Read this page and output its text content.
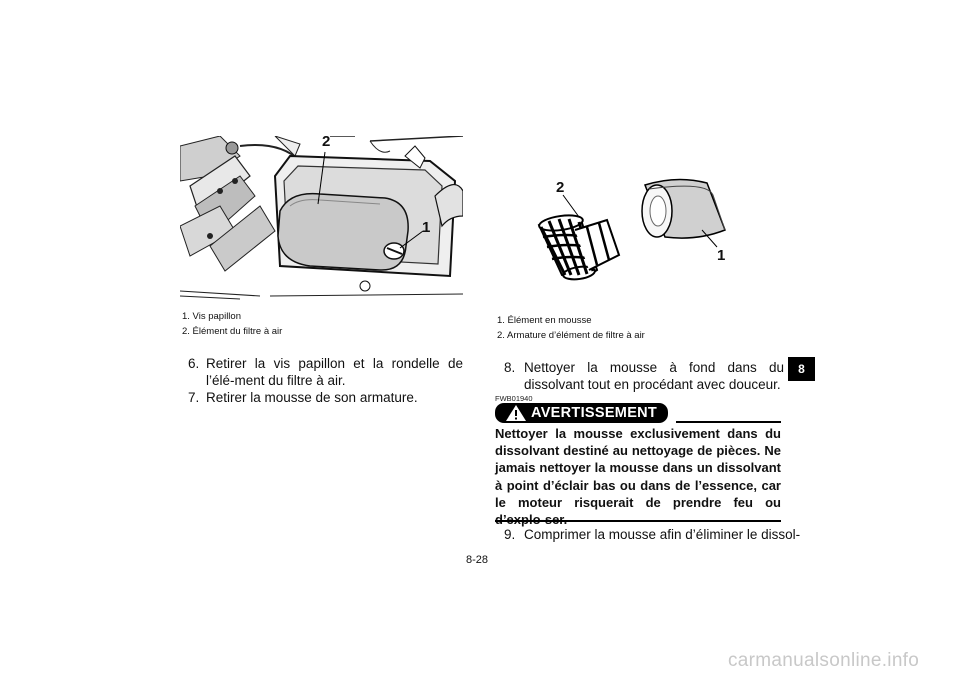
2
1
1. Vis papillon
2. Élément du filtre à air
6. Retirer la vis papillon et la rondelle de l’élé-ment du filtre à air.
7. Retirer la mousse de son armature.
2
1
1. Élément en mousse
2. Armature d’élément de filtre à air
8. Nettoyer la mousse à fond dans du dissolvant tout en procédant avec douceur.
FWB01940
AVERTISSEMENT
Nettoyer la mousse exclusivement dans du dissolvant destiné au nettoyage de pièces. Ne jamais nettoyer la mousse dans un dissolvant à point d’éclair bas ou dans de l’essence, car le moteur risquerait de prendre feu ou
9. Comprimer la mousse afin d’éliminer le dissol-
8
8-28
carmanualsonline.info
